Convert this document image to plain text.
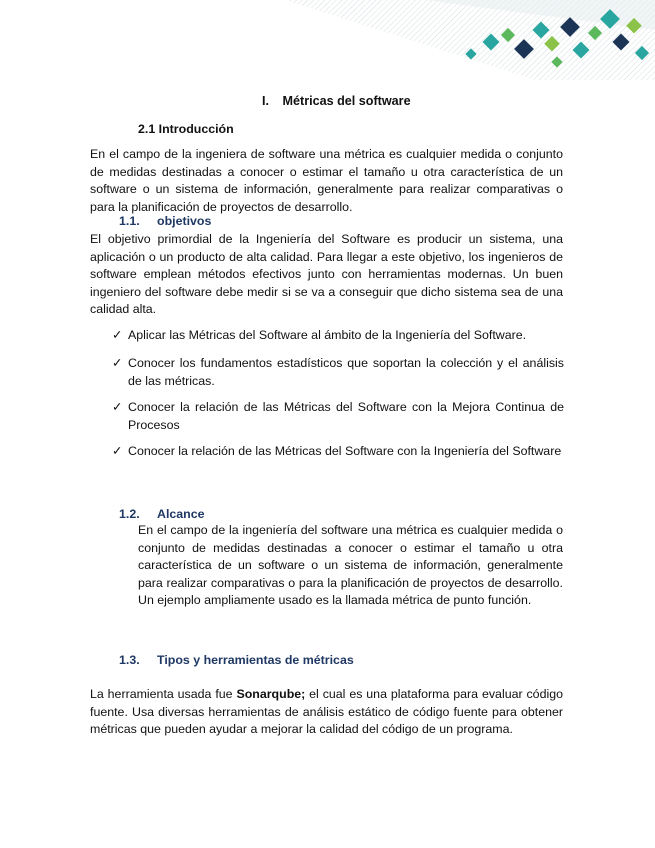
I. Métricas del software
2.1 Introducción
En el campo de la ingeniera de software una métrica es cualquier medida o conjunto de medidas destinadas a conocer o estimar el tamaño u otra característica de un software o un sistema de información, generalmente para realizar comparativas o para la planificación de proyectos de desarrollo.
1.1. objetivos
El objetivo primordial de la Ingeniería del Software es producir un sistema, una aplicación o un producto de alta calidad. Para llegar a este objetivo, los ingenieros de software emplean métodos efectivos junto con herramientas modernas. Un buen ingeniero del software debe medir si se va a conseguir que dicho sistema sea de una calidad alta.
✓ Aplicar las Métricas del Software al ámbito de la Ingeniería del Software.
✓ Conocer los fundamentos estadísticos que soportan la colección y el análisis de las métricas.
✓ Conocer la relación de las Métricas del Software con la Mejora Continua de Procesos
✓ Conocer la relación de las Métricas del Software con la Ingeniería del Software
1.2. Alcance
En el campo de la ingeniería del software una métrica es cualquier medida o conjunto de medidas destinadas a conocer o estimar el tamaño u otra característica de un software o un sistema de información, generalmente para realizar comparativas o para la planificación de proyectos de desarrollo. Un ejemplo ampliamente usado es la llamada métrica de punto función.
1.3. Tipos y herramientas de métricas
La herramienta usada fue Sonarqube; el cual es una plataforma para evaluar código fuente. Usa diversas herramientas de análisis estático de código fuente para obtener métricas que pueden ayudar a mejorar la calidad del código de un programa.
